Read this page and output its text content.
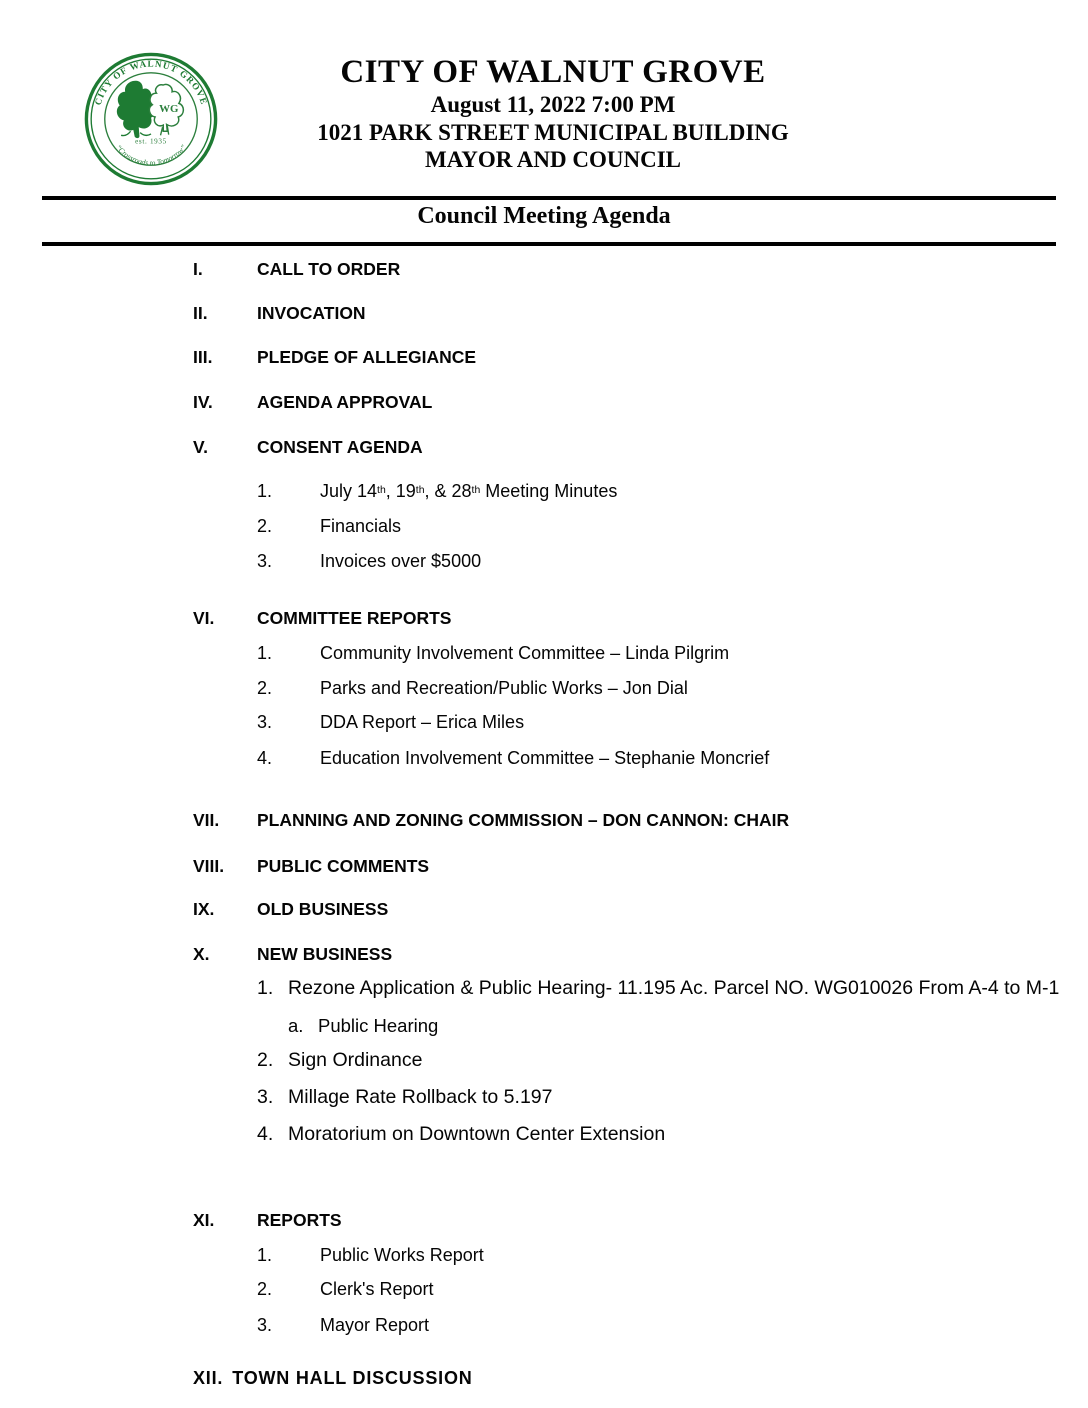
CITY OF WALNUT GROVE
WG
est. 1935
“Crossroads to Tomorrow”
CITY OF WALNUT GROVE
August 11, 2022 7:00 PM
1021 PARK STREET MUNICIPAL BUILDING
MAYOR AND COUNCIL
Council Meeting Agenda
I.	CALL TO ORDER
II.	INVOCATION
III.	PLEDGE OF ALLEGIANCE
IV.	AGENDA APPROVAL
V.	CONSENT AGENDA
1.	July 14th, 19th, & 28th Meeting Minutes
2.	Financials
3.	Invoices over $5000
VI.	COMMITTEE REPORTS
1.	Community Involvement Committee – Linda Pilgrim
2.	Parks and Recreation/Public Works – Jon Dial
3.	DDA Report – Erica Miles
4.	Education Involvement Committee – Stephanie Moncrief
VII.	PLANNING AND ZONING COMMISSION – DON CANNON: CHAIR
VIII.	PUBLIC COMMENTS
IX.	OLD BUSINESS
X.	NEW BUSINESS
1. Rezone Application & Public Hearing- 11.195 Ac. Parcel NO. WG010026 From A-4 to M-1
a. Public Hearing
2. Sign Ordinance
3. Millage Rate Rollback to 5.197
4. Moratorium on Downtown Center Extension
XI.	REPORTS
1.	Public Works Report
2.	Clerk's Report
3.	Mayor Report
XII. TOWN HALL DISCUSSION
